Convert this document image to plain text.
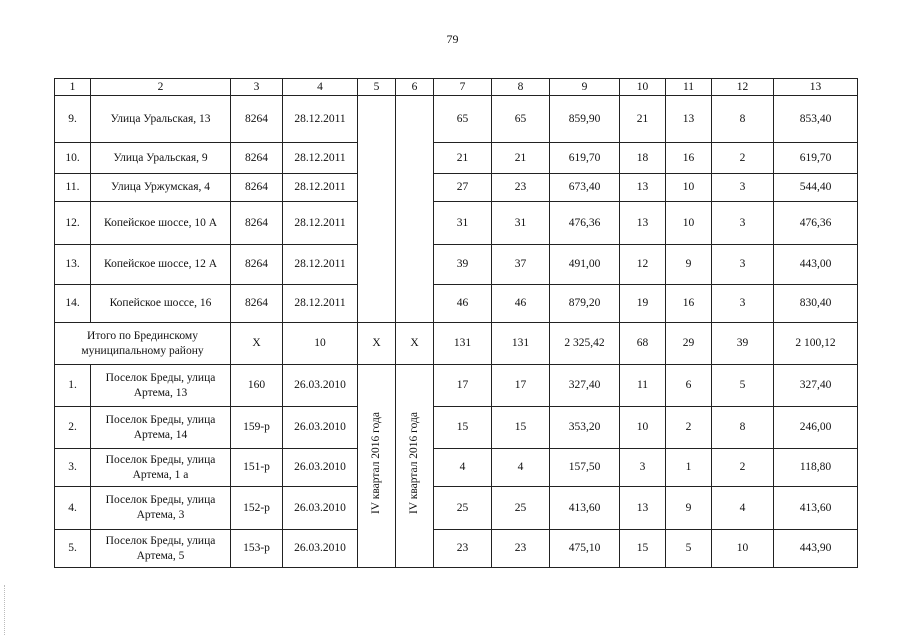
79
1	2	3	4	5	6	7	8	9	10	11	12	13
9.	Улица Уральская, 13	8264	28.12.2011			65	65	859,90	21	13	8	853,40
10.	Улица Уральская, 9	8264	28.12.2011			21	21	619,70	18	16	2	619,70
11.	Улица Уржумская, 4	8264	28.12.2011			27	23	673,40	13	10	3	544,40
12.	Копейское шоссе, 10 А	8264	28.12.2011			31	31	476,36	13	10	3	476,36
13.	Копейское шоссе, 12 А	8264	28.12.2011			39	37	491,00	12	9	3	443,00
14.	Копейское шоссе, 16	8264	28.12.2011			46	46	879,20	19	16	3	830,40
Итого по Брединскому муниципальному району		Х	10	Х	Х	131	131	2 325,42	68	29	39	2 100,12
1.	Поселок Бреды, улица Артема, 13	160	26.03.2010	IV квартал 2016 года	IV квартал 2016 года	17	17	327,40	11	6	5	327,40
2.	Поселок Бреды, улица Артема, 14	159-р	26.03.2010			15	15	353,20	10	2	8	246,00
3.	Поселок Бреды, улица Артема, 1 а	151-р	26.03.2010			4	4	157,50	3	1	2	118,80
4.	Поселок Бреды, улица Артема, 3	152-р	26.03.2010			25	25	413,60	13	9	4	413,60
5.	Поселок Бреды, улица Артема, 5	153-р	26.03.2010			23	23	475,10	15	5	10	443,90
